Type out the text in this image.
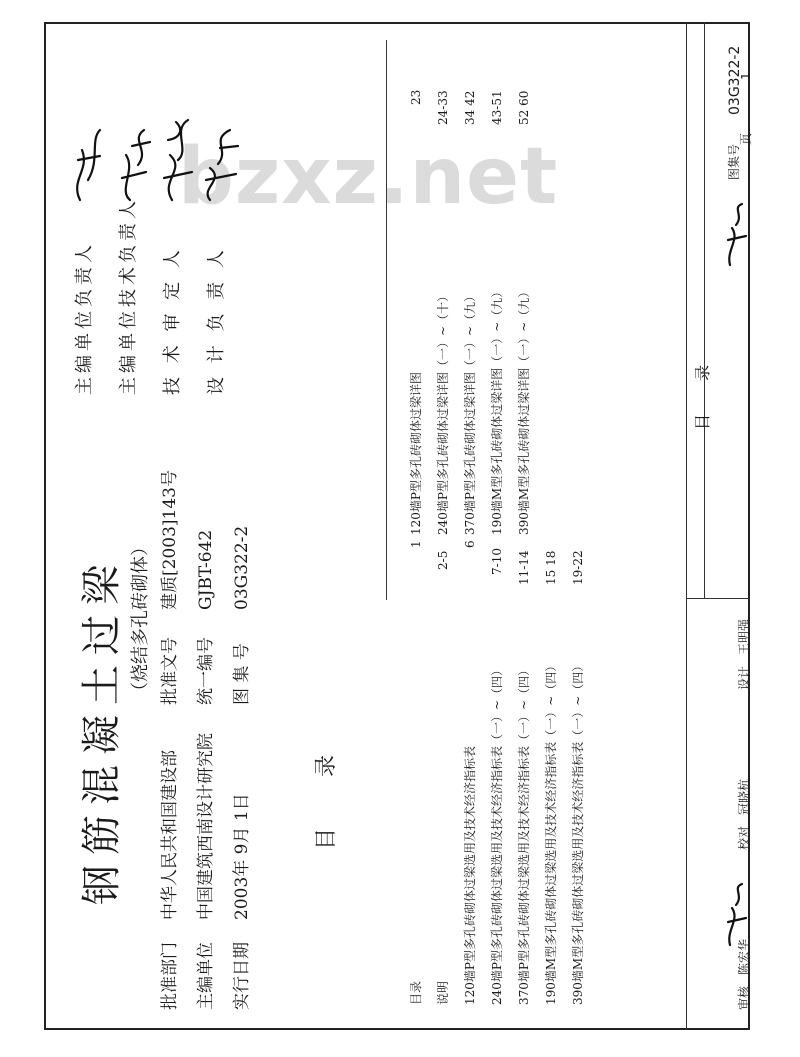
bzxz.net
钢筋混凝土过梁 （烧结多孔砖砌体）
批准部门
中华人民共和国建设部
主编单位
中国建筑西南设计研究院
实行日期
2003年 9月 1日
批准文号
建质[2003]143号
统一编号
GJBT-642
图 集 号
03G322-2
主编单位负责人 主编单位技术负责人 技 术 审 定 人 设 计 负 责 人
目 录
目录
1
说明
2-5
120墙P型多孔砖砌体过梁选用及技术经济指标表
6
240墙P型多孔砖砌体过梁选用及技术经济指标表（一）~（四）
7-10
370墙P型多孔砖砌体过梁选用及技术经济指标表（一）~（四）
11-14
190墙M型多孔砖砌体过梁选用及技术经济指标表（一）~（四）
15 18
390墙M型多孔砖砌体过梁选用及技术经济指标表（一）~（四）
19-22
120墙P型多孔砖砌体过梁详图
23
240墙P型多孔砖砌体过梁详图（一）~（十）
24-33
370墙P型多孔砖砌体过梁详图（一）~（九）
34 42
190墙M型多孔砖砌体过梁详图（一）~（九）
43-51
390墙M型多孔砖砌体过梁详图（一）~（九）
52 60
目 录
图集号
03G322-2
页
1
审核
陈宏华
校对
冠晓杭
设计
王明强
